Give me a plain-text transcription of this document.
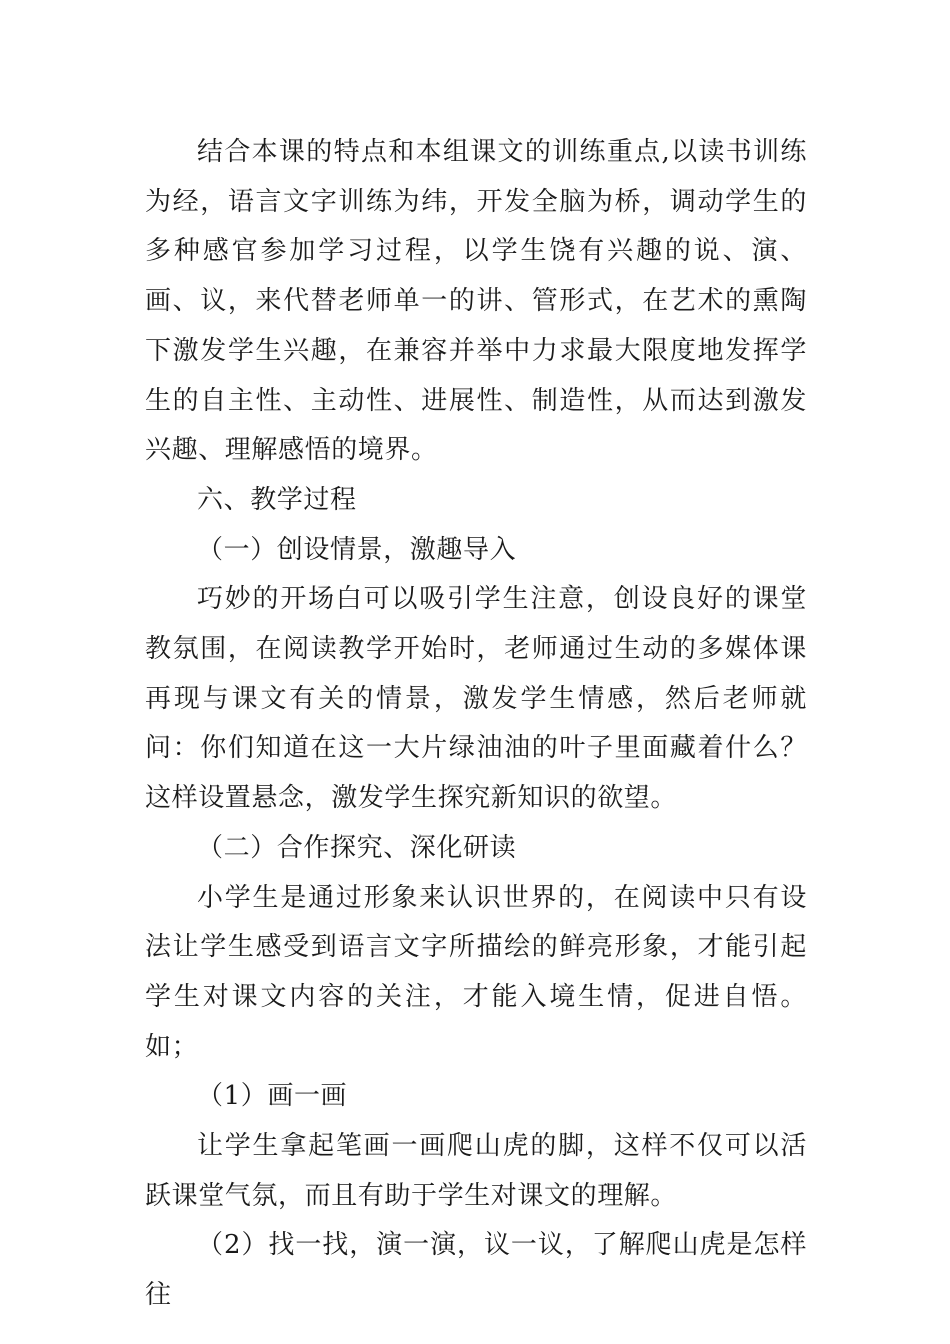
结合本课的特点和本组课文的训练重点,以读书训练为经，语言文字训练为纬，开发全脑为桥，调动学生的多种感官参加学习过程，以学生饶有兴趣的说、演、画、议，来代替老师单一的讲、管形式，在艺术的熏陶下激发学生兴趣，在兼容并举中力求最大限度地发挥学生的自主性、主动性、进展性、制造性，从而达到激发兴趣、理解感悟的境界。

六、教学过程

（一）创设情景，激趣导入

巧妙的开场白可以吸引学生注意，创设良好的课堂教氛围，在阅读教学开始时，老师通过生动的多媒体课再现与课文有关的情景，激发学生情感，然后老师就问：你们知道在这一大片绿油油的叶子里面藏着什么？这样设置悬念，激发学生探究新知识的欲望。

（二）合作探究、深化研读

小学生是通过形象来认识世界的，在阅读中只有设法让学生感受到语言文字所描绘的鲜亮形象，才能引起学生对课文内容的关注，才能入境生情，促进自悟。如；

（1）画一画

让学生拿起笔画一画爬山虎的脚，这样不仅可以活跃课堂气氛，而且有助于学生对课文的理解。

（2）找一找，演一演，议一议，了解爬山虎是怎样往
